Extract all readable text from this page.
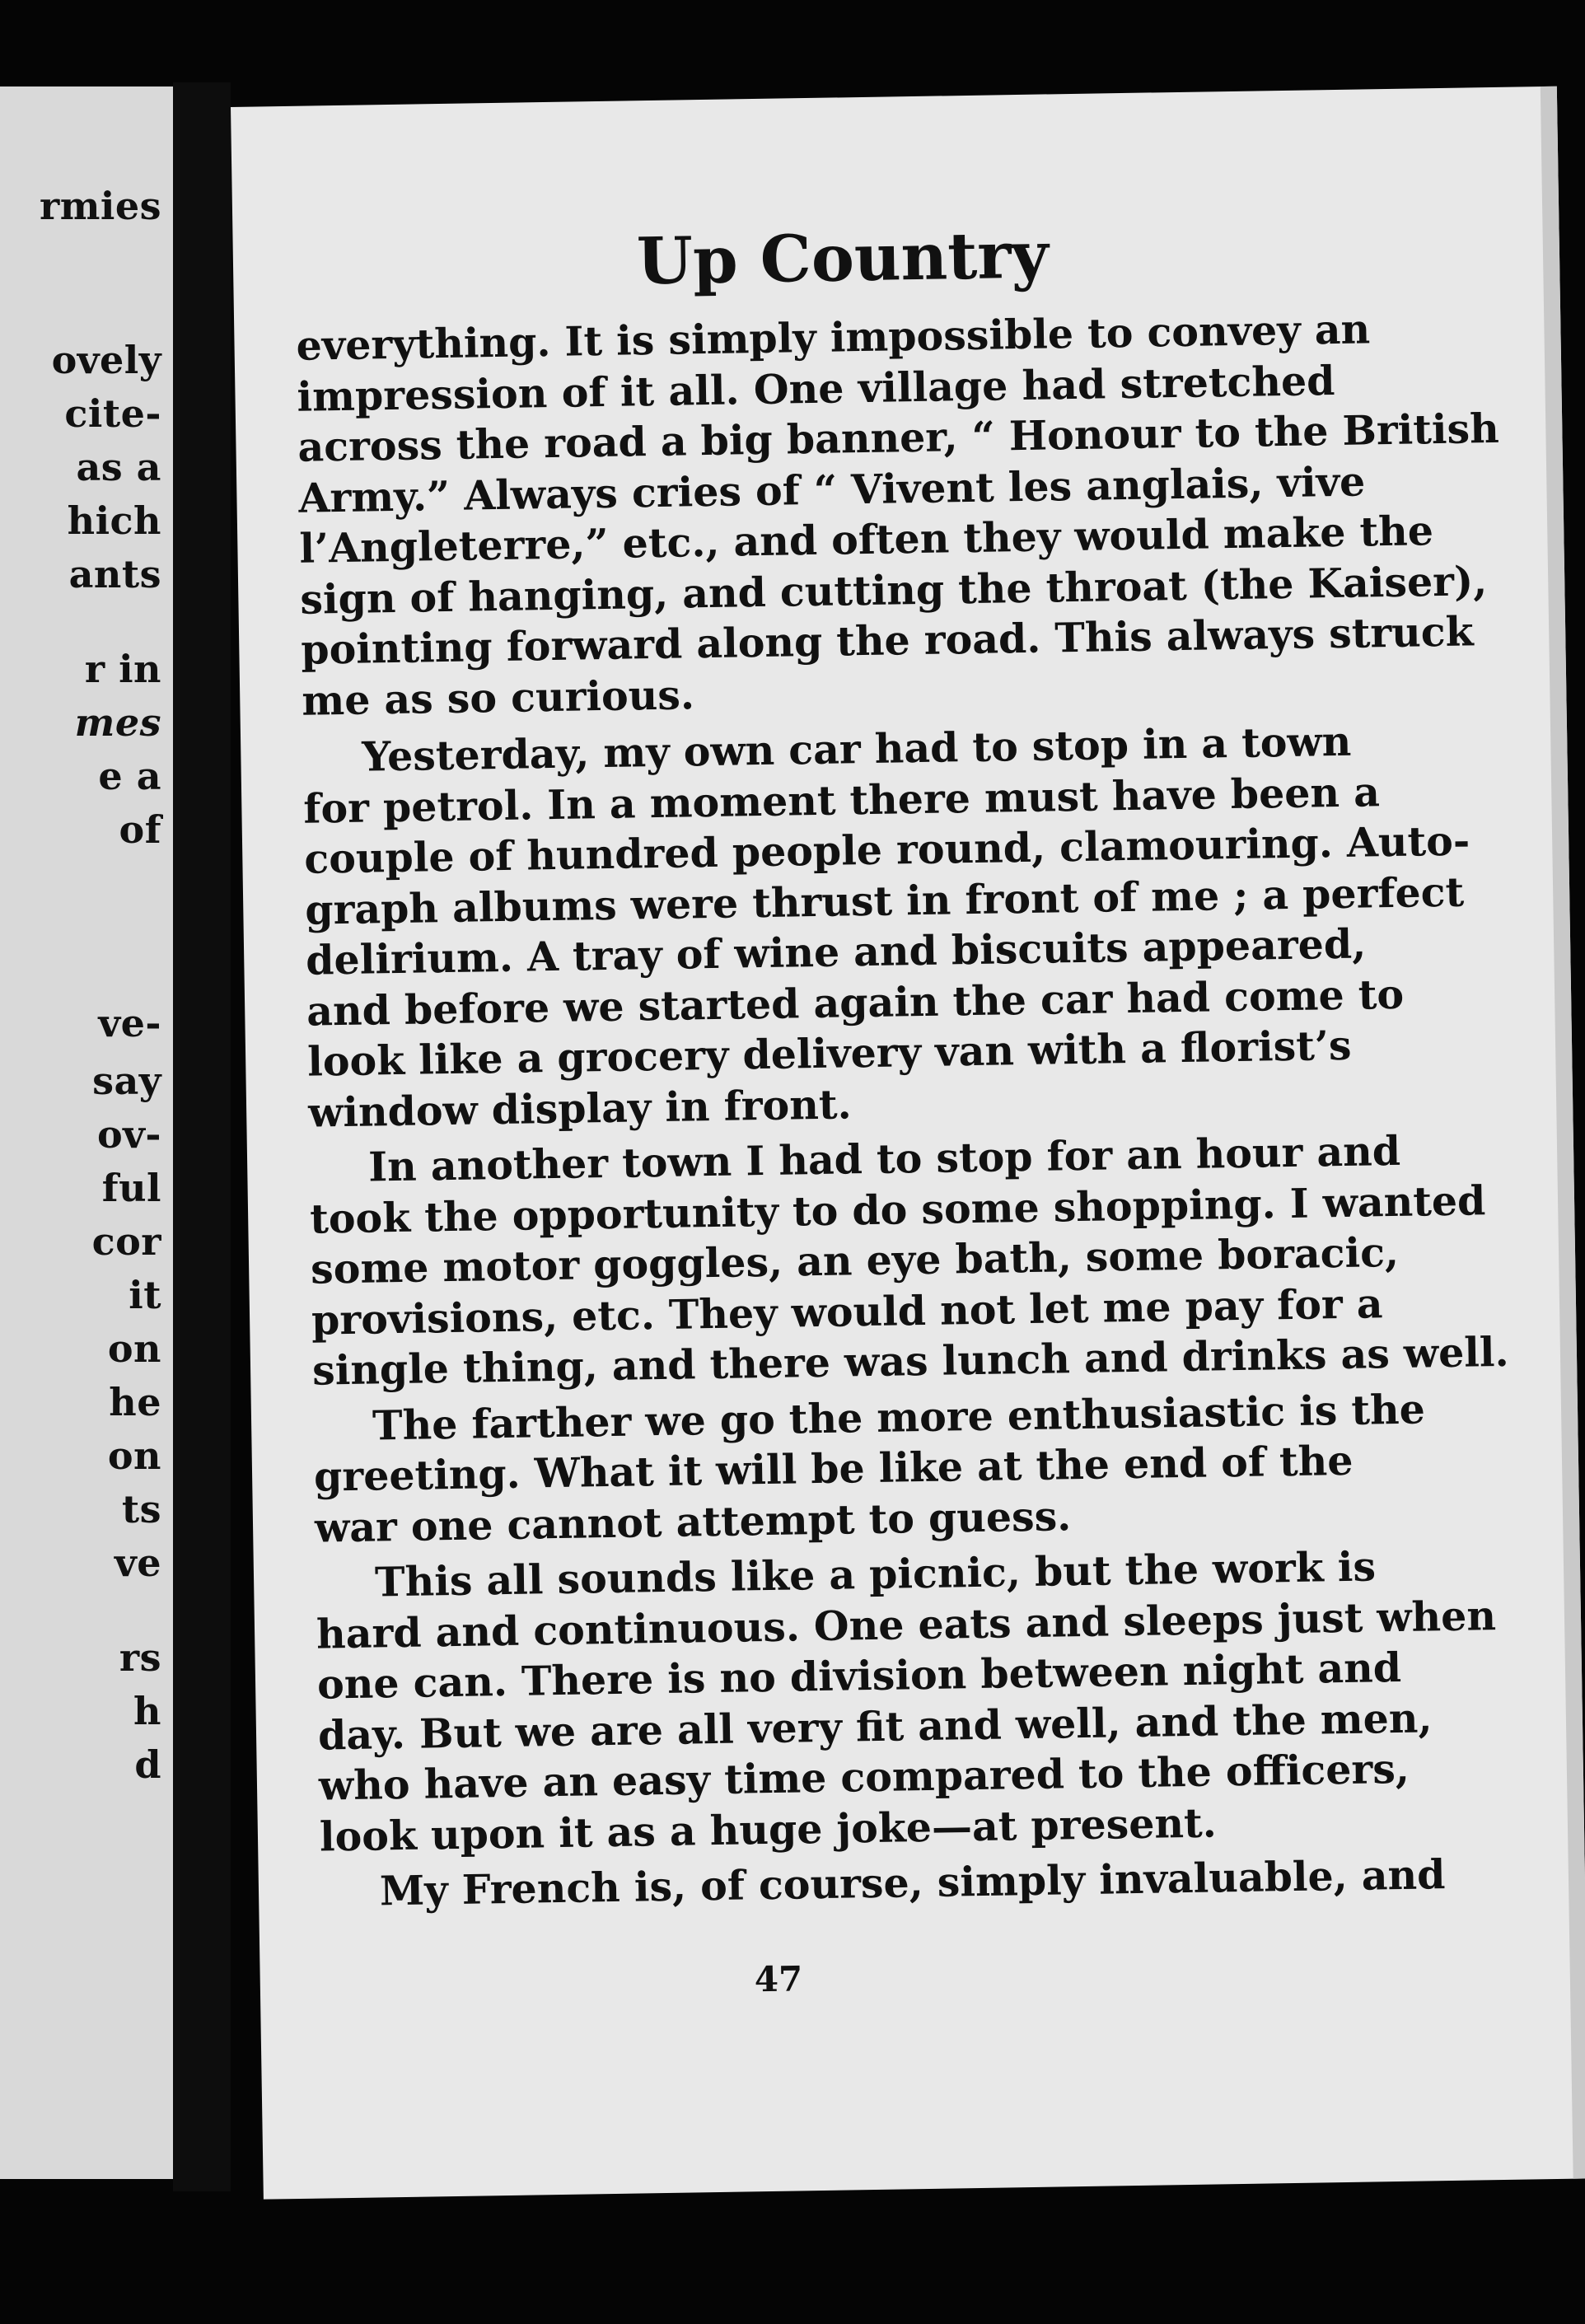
rmies
ovely
cite-
as a
hich
ants
r in
mes
e a
of
ve-
say
ov-
ful
cor
it
on
he
on
ts
ve
rs
h
d
Up Country
everything. It is simply impossible to convey an
impression of it all. One village had stretched
across the road a big banner, “ Honour to the British
Army.” Always cries of “ Vivent les anglais, vive
l’Angleterre,” etc., and often they would make the
sign of hanging, and cutting the throat (the Kaiser),
pointing forward along the road. This always struck
me as so curious.
Yesterday, my own car had to stop in a town
for petrol. In a moment there must have been a
couple of hundred people round, clamouring. Auto-
graph albums were thrust in front of me ; a perfect
delirium. A tray of wine and biscuits appeared,
and before we started again the car had come to
look like a grocery delivery van with a florist’s
window display in front.
In another town I had to stop for an hour and
took the opportunity to do some shopping. I wanted
some motor goggles, an eye bath, some boracic,
provisions, etc. They would not let me pay for a
single thing, and there was lunch and drinks as well.
The farther we go the more enthusiastic is the
greeting. What it will be like at the end of the
war one cannot attempt to guess.
This all sounds like a picnic, but the work is
hard and continuous. One eats and sleeps just when
one can. There is no division between night and
day. But we are all very fit and well, and the men,
who have an easy time compared to the officers,
look upon it as a huge joke—at present.
My French is, of course, simply invaluable, and
47
